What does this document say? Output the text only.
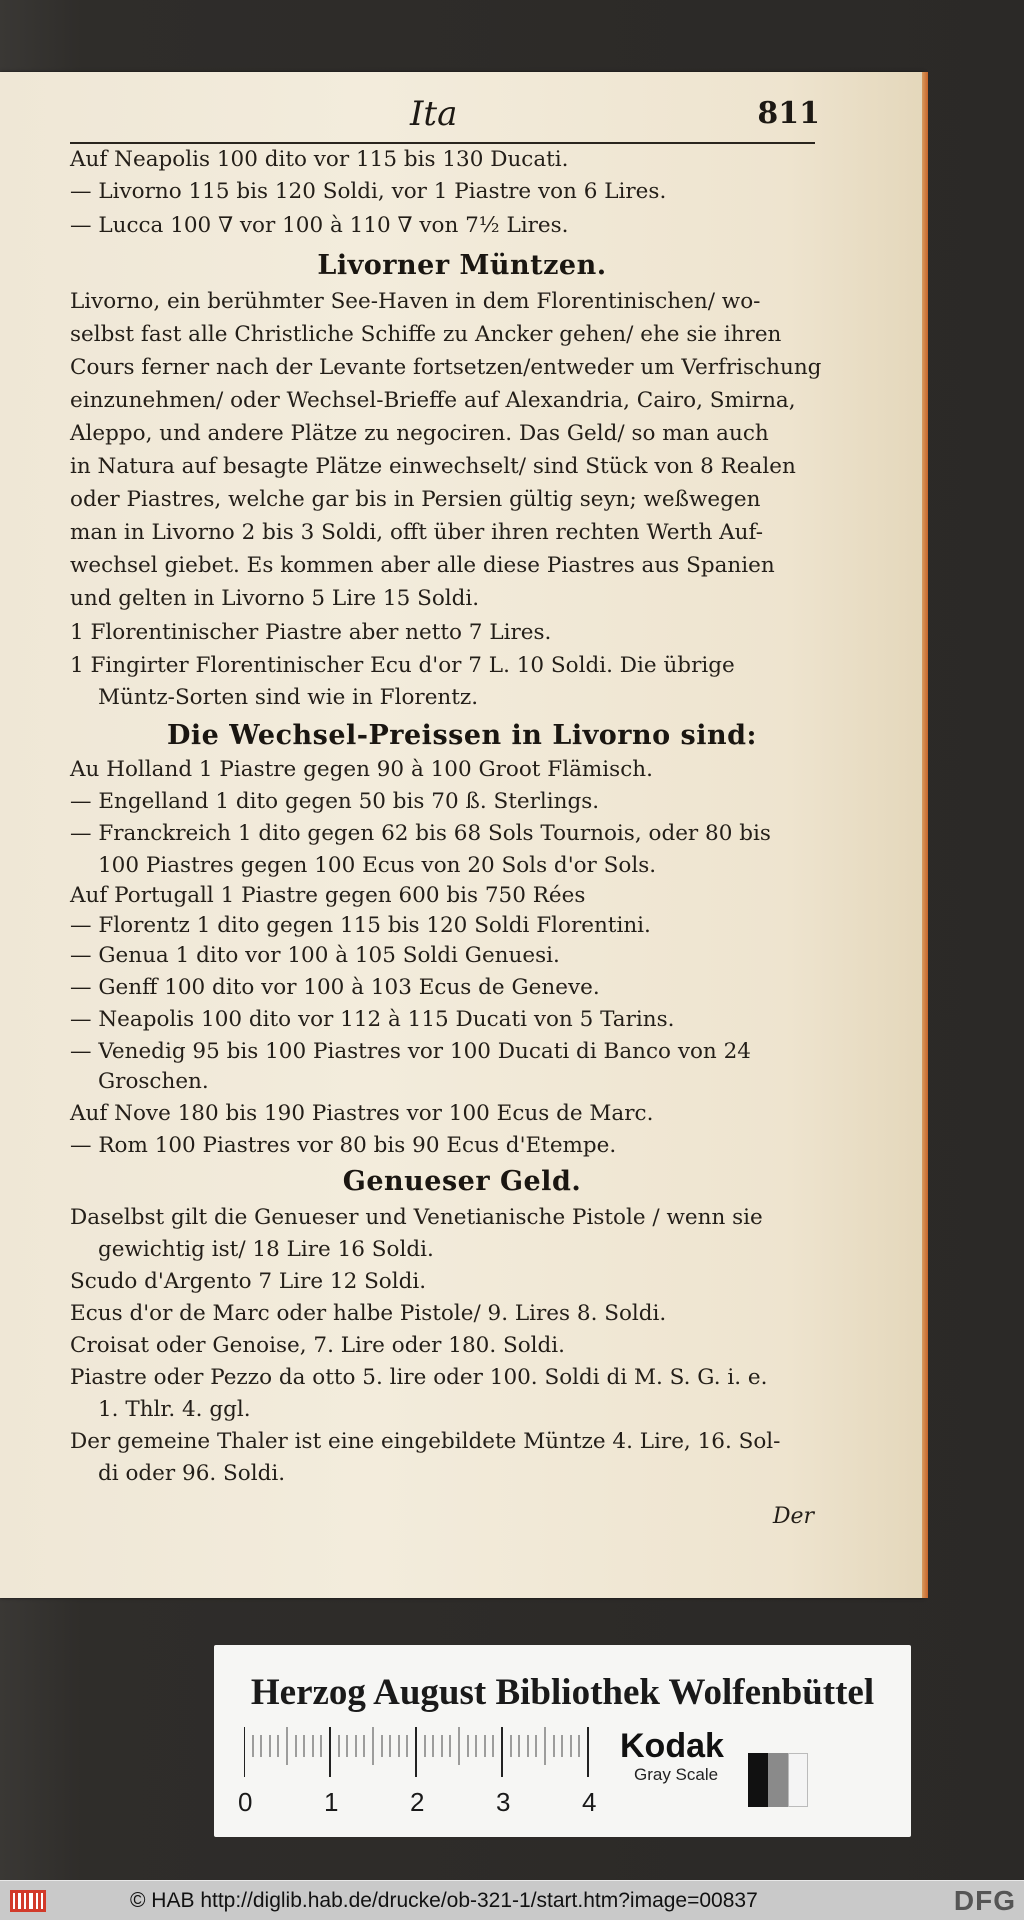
Ita	811
Auf Neapolis 100 dito vor 115 bis 130 Ducati.
— Livorno 115 bis 120 Soldi, vor 1 Piastre von 6 Lires.
— Lucca 100 ∇ vor 100 à 110 ∇ von 7½ Lires.
Livorner Müntzen.
Livorno, ein berühmter See-Haven in dem Florentinischen/ wo-
selbst fast alle Christliche Schiffe zu Ancker gehen/ ehe sie ihren
Cours ferner nach der Levante fortsetzen/entweder um Verfrischung
einzunehmen/ oder Wechsel-Brieffe auf Alexandria, Cairo, Smirna,
Aleppo, und andere Plätze zu negociren. Das Geld/ so man auch
in Natura auf besagte Plätze einwechselt/ sind Stück von 8 Realen
oder Piastres, welche gar bis in Persien gültig seyn; weßwegen
man in Livorno 2 bis 3 Soldi, offt über ihren rechten Werth Auf-
wechsel giebet. Es kommen aber alle diese Piastres aus Spanien
und gelten in Livorno 5 Lire 15 Soldi.
1 Florentinischer Piastre aber netto 7 Lires.
1 Fingirter Florentinischer Ecu d'or 7 L. 10 Soldi. Die übrige
Müntz-Sorten sind wie in Florentz.
Die Wechsel-Preissen in Livorno sind:
Au Holland 1 Piastre gegen 90 à 100 Groot Flämisch.
— Engelland 1 dito gegen 50 bis 70 ß. Sterlings.
— Franckreich 1 dito gegen 62 bis 68 Sols Tournois, oder 80 bis
100 Piastres gegen 100 Ecus von 20 Sols d'or Sols.
Auf Portugall 1 Piastre gegen 600 bis 750 Rées
— Florentz 1 dito gegen 115 bis 120 Soldi Florentini.
— Genua 1 dito vor 100 à 105 Soldi Genuesi.
— Genff 100 dito vor 100 à 103 Ecus de Geneve.
— Neapolis 100 dito vor 112 à 115 Ducati von 5 Tarins.
— Venedig 95 bis 100 Piastres vor 100 Ducati di Banco von 24
Groschen.
Auf Nove 180 bis 190 Piastres vor 100 Ecus de Marc.
— Rom 100 Piastres vor 80 bis 90 Ecus d'Etempe.
Genueser Geld.
Daselbst gilt die Genueser und Venetianische Pistole / wenn sie
gewichtig ist/ 18 Lire 16 Soldi.
Scudo d'Argento 7 Lire 12 Soldi.
Ecus d'or de Marc oder halbe Pistole/ 9. Lires 8. Soldi.
Croisat oder Genoise, 7. Lire oder 180. Soldi.
Piastre oder Pezzo da otto 5. lire oder 100. Soldi di M. S. G. i. e.
1. Thlr. 4. ggl.
Der gemeine Thaler ist eine eingebildete Müntze 4. Lire, 16. Sol-
di oder 96. Soldi.
Der
Herzog August Bibliothek Wolfenbüttel
0	1	2	3	4
Kodak
Gray Scale
© HAB http://diglib.hab.de/drucke/ob-321-1/start.htm?image=00837	DFG
